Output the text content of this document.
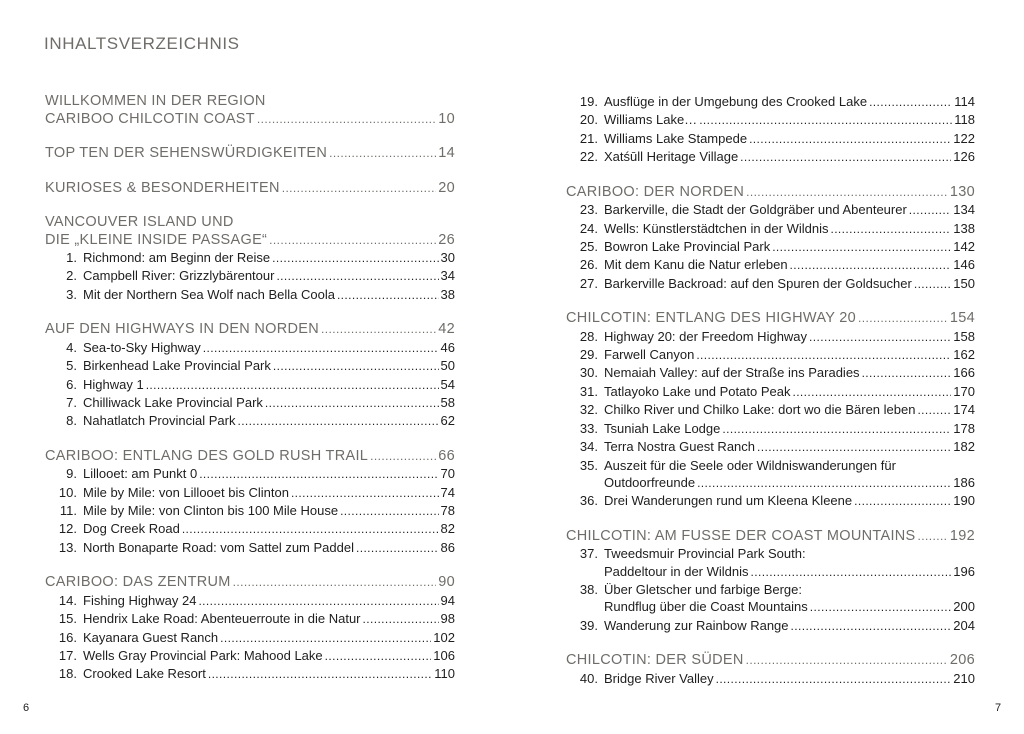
INHALTSVERZEICHNIS
WILLKOMMEN IN DER REGION
CARIBOO CHILCOTIN COAST .....	10
TOP TEN DER SEHENSWÜRDIGKEITEN .....	14
KURIOSES & BESONDERHEITEN .....	20
VANCOUVER ISLAND UND
DIE „KLEINE INSIDE PASSAGE“ .....	26
1. Richmond: am Beginn der Reise .....	30
2. Campbell River: Grizzlybärentour .....	34
3. Mit der Northern Sea Wolf nach Bella Coola .....	38
AUF DEN HIGHWAYS IN DEN NORDEN .....	42
4. Sea-to-Sky Highway .....	46
5. Birkenhead Lake Provincial Park .....	50
6. Highway 1 .....	54
7. Chilliwack Lake Provincial Park .....	58
8. Nahatlatch Provincial Park .....	62
CARIBOO: ENTLANG DES GOLD RUSH TRAIL .....	66
9. Lillooet: am Punkt 0 .....	70
10. Mile by Mile: von Lillooet bis Clinton .....	74
11. Mile by Mile: von Clinton bis 100 Mile House .....	78
12. Dog Creek Road .....	82
13. North Bonaparte Road: vom Sattel zum Paddel .....	86
CARIBOO: DAS ZENTRUM .....	90
14. Fishing Highway 24 .....	94
15. Hendrix Lake Road: Abenteuerroute in die Natur .....	98
16. Kayanara Guest Ranch .....	102
17. Wells Gray Provincial Park: Mahood Lake .....	106
18. Crooked Lake Resort .....	110
19. Ausflüge in der Umgebung des Crooked Lake .....	114
20. Williams Lake… .....	118
21. Williams Lake Stampede .....	122
22. Xatśūll Heritage Village .....	126
CARIBOO: DER NORDEN .....	130
23. Barkerville, die Stadt der Goldgräber und Abenteurer .....	134
24. Wells: Künstlerstädtchen in der Wildnis .....	138
25. Bowron Lake Provincial Park .....	142
26. Mit dem Kanu die Natur erleben .....	146
27. Barkerville Backroad: auf den Spuren der Goldsucher .....	150
CHILCOTIN: ENTLANG DES HIGHWAY 20 .....	154
28. Highway 20: der Freedom Highway .....	158
29. Farwell Canyon .....	162
30. Nemaiah Valley: auf der Straße ins Paradies .....	166
31. Tatlayoko Lake und Potato Peak .....	170
32. Chilko River und Chilko Lake: dort wo die Bären leben .....	174
33. Tsuniah Lake Lodge .....	178
34. Terra Nostra Guest Ranch .....	182
35. Auszeit für die Seele oder Wildniswanderungen für
Outdoorfreunde .....	186
36. Drei Wanderungen rund um Kleena Kleene .....	190
CHILCOTIN: AM FUSSE DER COAST MOUNTAINS ..... 192
37. Tweedsmuir Provincial Park South:
Paddeltour in der Wildnis .....	196
38. Über Gletscher und farbige Berge:
Rundflug über die Coast Mountains .....	200
39. Wanderung zur Rainbow Range .....	204
CHILCOTIN: DER SÜDEN .....	206
40. Bridge River Valley .....	210
6	7
